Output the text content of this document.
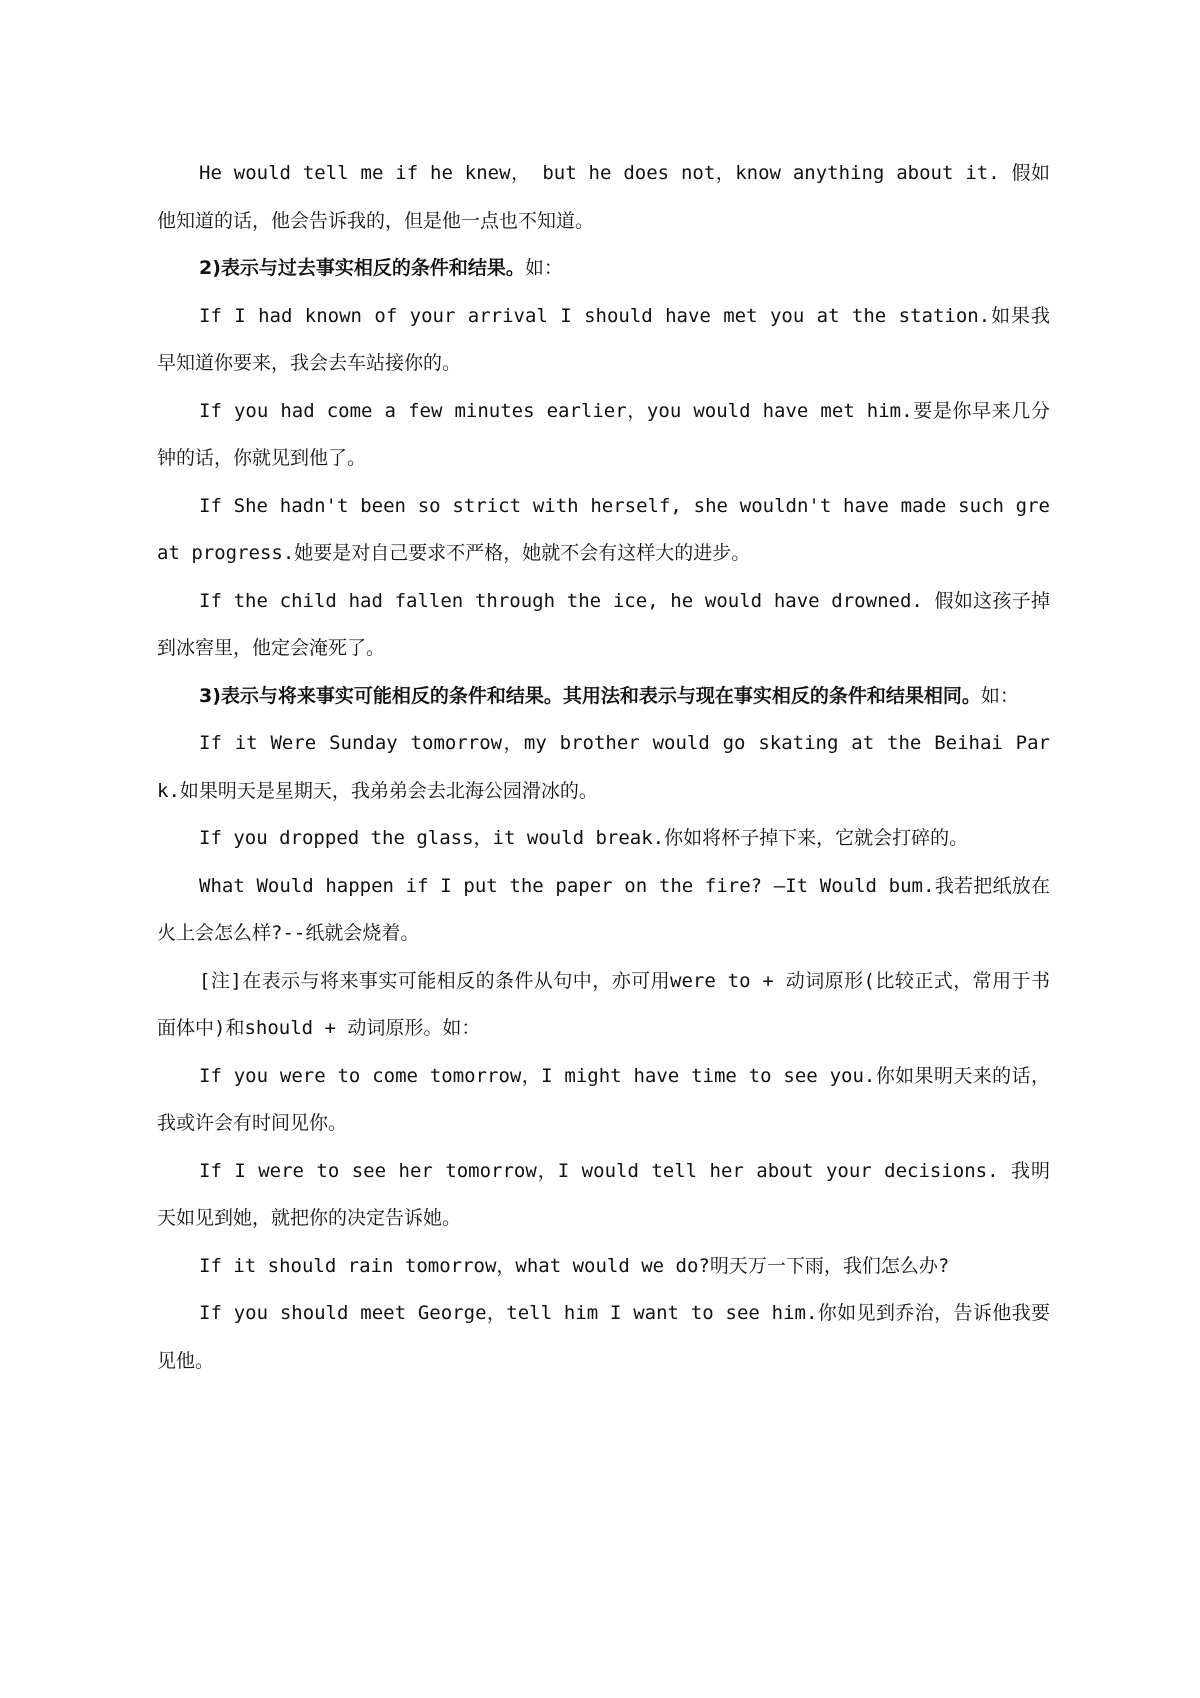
He would tell me if he knew， but he does not，know anything about it. 假如他知道的话，他会告诉我的，但是他一点也不知道。

2)表示与过去事实相反的条件和结果。如：

If I had known of your arrival I should have met you at the station.如果我早知道你要来，我会去车站接你的。

If you had come a few minutes earlier，you would have met him.要是你早来几分钟的话，你就见到他了。

If She hadn't been so strict with herself, she wouldn't have made such great progress.她要是对自己要求不严格，她就不会有这样大的进步。

If the child had fallen through the ice, he would have drowned. 假如这孩子掉到冰窖里，他定会淹死了。

3)表示与将来事实可能相反的条件和结果。其用法和表示与现在事实相反的条件和结果相同。如：

If it Were Sunday tomorrow，my brother would go skating at the Beihai Park.如果明天是星期天，我弟弟会去北海公园滑冰的。

If you dropped the glass，it would break.你如将杯子掉下来，它就会打碎的。

What Would happen if I put the paper on the fire? —It Would bum.我若把纸放在火上会怎么样?--纸就会烧着。

[注]在表示与将来事实可能相反的条件从句中，亦可用were to + 动词原形(比较正式，常用于书面体中)和should + 动词原形。如：

If you were to come tomorrow，I might have time to see you.你如果明天来的话，我或许会有时间见你。

If I were to see her tomorrow，I would tell her about your decisions. 我明天如见到她，就把你的决定告诉她。

If it should rain tomorrow，what would we do?明天万一下雨，我们怎么办?

If you should meet George，tell him I want to see him.你如见到乔治，告诉他我要见他。
